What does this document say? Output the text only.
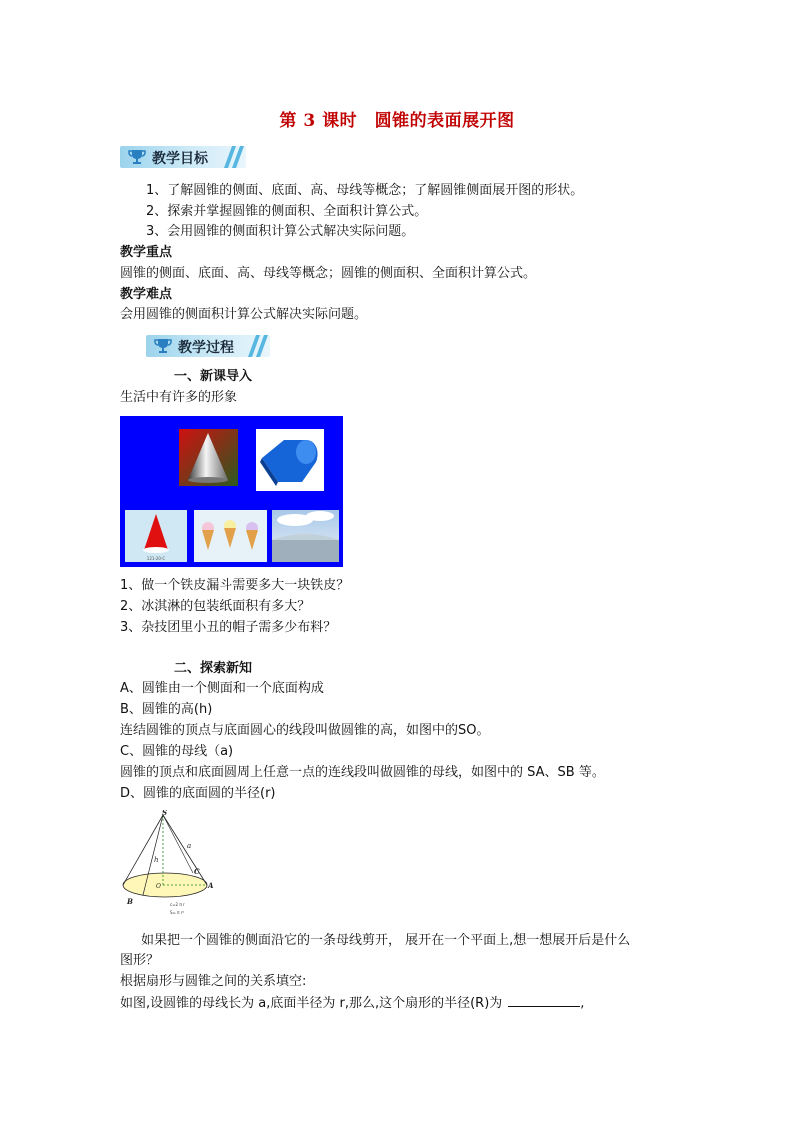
第 3 课时　圆锥的表面展开图
教学目标
1、了解圆锥的侧面、底面、高、母线等概念；了解圆锥侧面展开图的形状。
2、探索并掌握圆锥的侧面积、全面积计算公式。
3、会用圆锥的侧面积计算公式解决实际问题。
教学重点
圆锥的侧面、底面、高、母线等概念；圆锥的侧面积、全面积计算公式。
教学难点
会用圆锥的侧面积计算公式解决实际问题。
教学过程
一、新课导入
生活中有许多的形象
121-20-C
1、做一个铁皮漏斗需要多大一块铁皮？
2、冰淇淋的包装纸面积有多大？
3、杂技团里小丑的帽子需多少布料？
二、探索新知
A、圆锥由一个侧面和一个底面构成
B、圆锥的高(h)
连结圆锥的顶点与底面圆心的线段叫做圆锥的高，如图中的SO。
C、圆锥的母线（a)
圆锥的顶点和底面圆周上任意一点的连线段叫做圆锥的母线，如图中的 SA、SB 等。
D、圆锥的底面圆的半径(r)
S
a
h
C
O	A
B	c=2 π r
S= π r²
如果把一个圆锥的侧面沿它的一条母线剪开， 展开在一个平面上,想一想展开后是什么
图形？
根据扇形与圆锥之间的关系填空:
如图,设圆锥的母线长为 a,底面半径为 r,那么,这个扇形的半径(R)为	,
